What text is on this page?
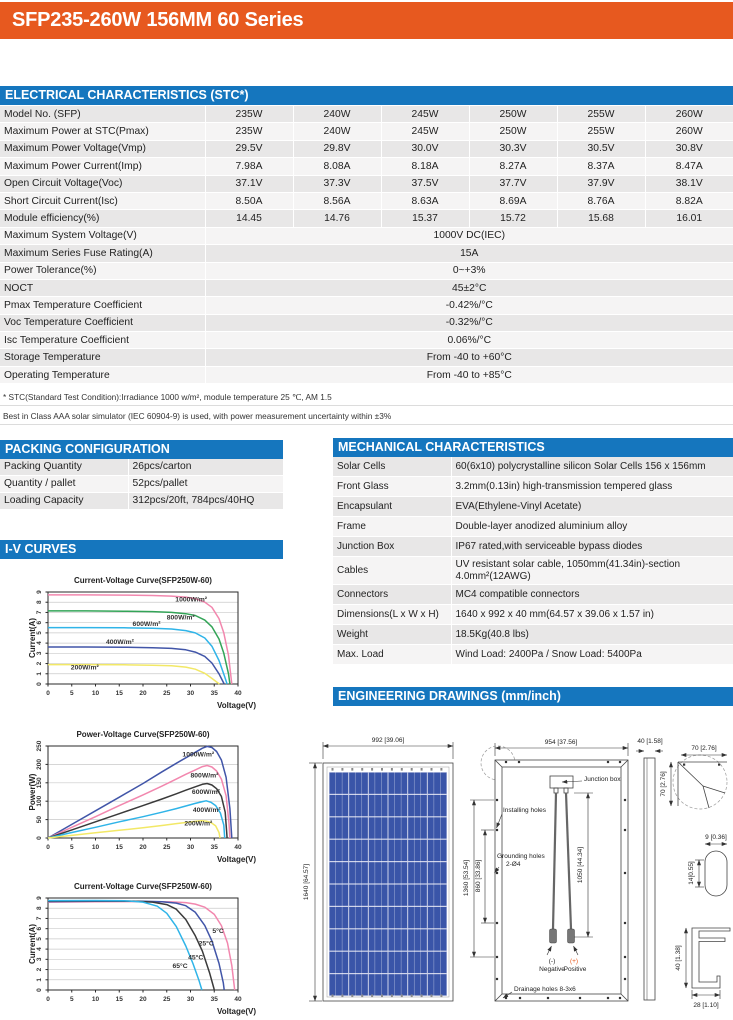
SFP235-260W 156MM 60 Series
ELECTRICAL CHARACTERISTICS (STC*)
Model No. (SFP)	235W	240W	245W	250W	255W	260W
Maximum Power at STC(Pmax)	235W	240W	245W	250W	255W	260W
Maximum Power Voltage(Vmp)	29.5V	29.8V	30.0V	30.3V	30.5V	30.8V
Maximum Power Current(Imp)	7.98A	8.08A	8.18A	8.27A	8.37A	8.47A
Open Circuit Voltage(Voc)	37.1V	37.3V	37.5V	37.7V	37.9V	38.1V
Short Circuit Current(Isc)	8.50A	8.56A	8.63A	8.69A	8.76A	8.82A
Module efficiency(%)	14.45	14.76	15.37	15.72	15.68	16.01
Maximum System Voltage(V)	1000V DC(IEC)					
Maximum Series Fuse Rating(A)	15A					
Power Tolerance(%)	0~+3%					
NOCT	45±2°C					
Pmax Temperature Coefficient	-0.42%/°C					
Voc Temperature Coefficient	-0.32%/°C					
Isc Temperature Coefficient	0.06%/°C					
Storage Temperature	From -40 to +60°C					
Operating Temperature	From -40 to +85°C					
* STC(Standard Test Condition):Irradiance 1000 w/m², module temperature 25 ℃, AM 1.5
Best in Class AAA solar simulator (IEC 60904-9) is used, with power measurement uncertainty within ±3%
PACKING CONFIGURATION
Packing Quantity	26pcs/carton
Quantity / pallet	52pcs/pallet
Loading Capacity	312pcs/20ft, 784pcs/40HQ
MECHANICAL CHARACTERISTICS
Solar Cells	60(6x10) polycrystalline silicon Solar Cells 156 x 156mm
Front Glass	3.2mm(0.13in) high-transmission tempered glass
Encapsulant	EVA(Ethylene-Vinyl Acetate)
Frame	Double-layer anodized aluminium alloy
Junction Box	IP67 rated,with serviceable bypass diodes
Cables	UV resistant solar cable, 1050mm(41.34in)-section 4.0mm²(12AWG)
Connectors	MC4 compatible connectors
Dimensions(L x W x H)	1640 x 992 x 40 mm(64.57 x 39.06 x 1.57 in)
Weight	18.5Kg(40.8 lbs)
Max. Load	Wind Load: 2400Pa / Snow Load: 5400Pa
I-V CURVES
Current-Voltage Curve(SFP250W-60)
0	5	10	15	20	25	30	35	40
0
1
2
3
4
5
6
7
8
9
Current(A)
Voltage(V)
1000W/m²
800W/m²
600W/m²
400W/m²
200W/m²
Power-Voltage Curve(SFP250W-60)
0	5	10	15	20	25	30	35	40
0
50
100
150
200
250
Power(W)
Voltage(V)
1000W/m²
800W/m²
600W/m²
400W/m²
200W/m²
Current-Voltage Curve(SFP250W-60)
0	5	10	15	20	25	30	35	40
0
1
2
3
4
5
6
7
8
9
Current(A)
Voltage(V)
5°C
25°C
45°C
65°C
ENGINEERING DRAWINGS (mm/inch)
992 [39.06]
1640 [64.57]
954 [37.56]
Junction box
Installing holes
Grounding holes
2-Ø4
1360 [53.54] 860 [33.86]	1050 [44.34]
(-)
Negative
(+)
Positive
Drainage holes 8-3x6
40 [1.58]
70 [2.76]
70 [2.76]
9 [0.36]
14[0.55]
40 [1.38]
28 [1.10]
